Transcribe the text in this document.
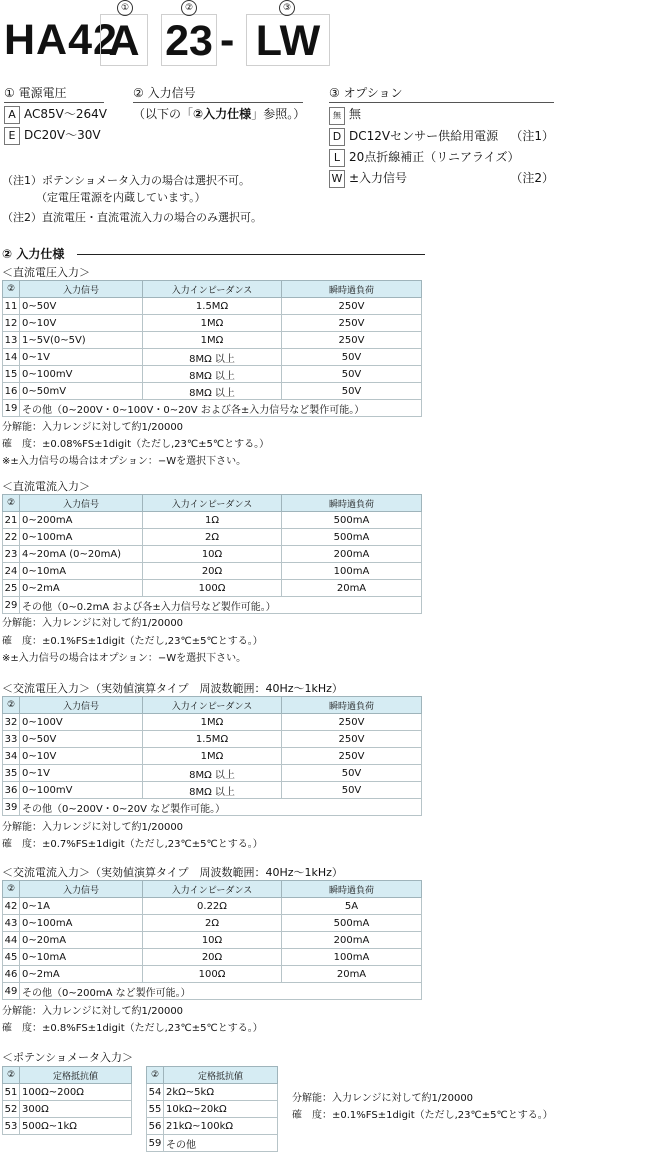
HA42
A 23 - LW
①	②	③
① 電源電圧
A AC85V～264V
E DC20V～30V
② 入力信号
（以下の「②入力仕様」参照。）
③ オプション
無 無
D DC12Vセンサー供給用電源 （注1）
L 20点折線補正（リニアライズ）
W ±入力信号	（注2）
（注1）ポテンショメータ入力の場合は選択不可。
（定電圧電源を内蔵しています。）
（注2）直流電圧・直流電流入力の場合のみ選択可。
② 入力仕様
＜直流電圧入力＞
②	入力信号	入力インピーダンス	瞬時過負荷
11	0~50V	1.5MΩ	250V
12	0~10V	1MΩ	250V
13	1~5V(0~5V)	1MΩ	250V
14	0~1V	8MΩ 以上	50V
15	0~100mV	8MΩ 以上	50V
16	0~50mV	8MΩ 以上	50V
19	その他（0~200V・0~100V・0~20V および各±入力信号など製作可能。）		
分解能：入力レンジに対して約1/20000
確　度：±0.08%FS±1digit（ただし,23℃±5℃とする。）
※±入力信号の場合はオプション：−Wを選択下さい。
＜直流電流入力＞
②	入力信号	入力インピーダンス	瞬時過負荷
21	0~200mA	1Ω	500mA
22	0~100mA	2Ω	500mA
23	4~20mA (0~20mA)	10Ω	200mA
24	0~10mA	20Ω	100mA
25	0~2mA	100Ω	20mA
29	その他（0~0.2mA および各±入力信号など製作可能。）		
分解能：入力レンジに対して約1/20000
確　度：±0.1%FS±1digit（ただし,23℃±5℃とする。）
※±入力信号の場合はオプション：−Wを選択下さい。
＜交流電圧入力＞（実効値演算タイプ　周波数範囲：40Hz～1kHz）
②	入力信号	入力インピーダンス	瞬時過負荷
32	0~100V	1MΩ	250V
33	0~50V	1.5MΩ	250V
34	0~10V	1MΩ	250V
35	0~1V	8MΩ 以上	50V
36	0~100mV	8MΩ 以上	50V
39	その他（0~200V・0~20V など製作可能。）		
分解能：入力レンジに対して約1/20000
確　度：±0.7%FS±1digit（ただし,23℃±5℃とする。）
＜交流電流入力＞（実効値演算タイプ　周波数範囲：40Hz～1kHz）
②	入力信号	入力インピーダンス	瞬時過負荷
42	0~1A	0.22Ω	5A
43	0~100mA	2Ω	500mA
44	0~20mA	10Ω	200mA
45	0~10mA	20Ω	100mA
46	0~2mA	100Ω	20mA
49	その他（0~200mA など製作可能。）		
分解能：入力レンジに対して約1/20000
確　度：±0.8%FS±1digit（ただし,23℃±5℃とする。）
＜ポテンショメータ入力＞
②	定格抵抗値
51	100Ω~200Ω
52	300Ω
53	500Ω~1kΩ
②	定格抵抗値
54	2kΩ~5kΩ
55	10kΩ~20kΩ
56	21kΩ~100kΩ
59	その他
分解能：入力レンジに対して約1/20000
確　度：±0.1%FS±1digit（ただし,23℃±5℃とする。）
